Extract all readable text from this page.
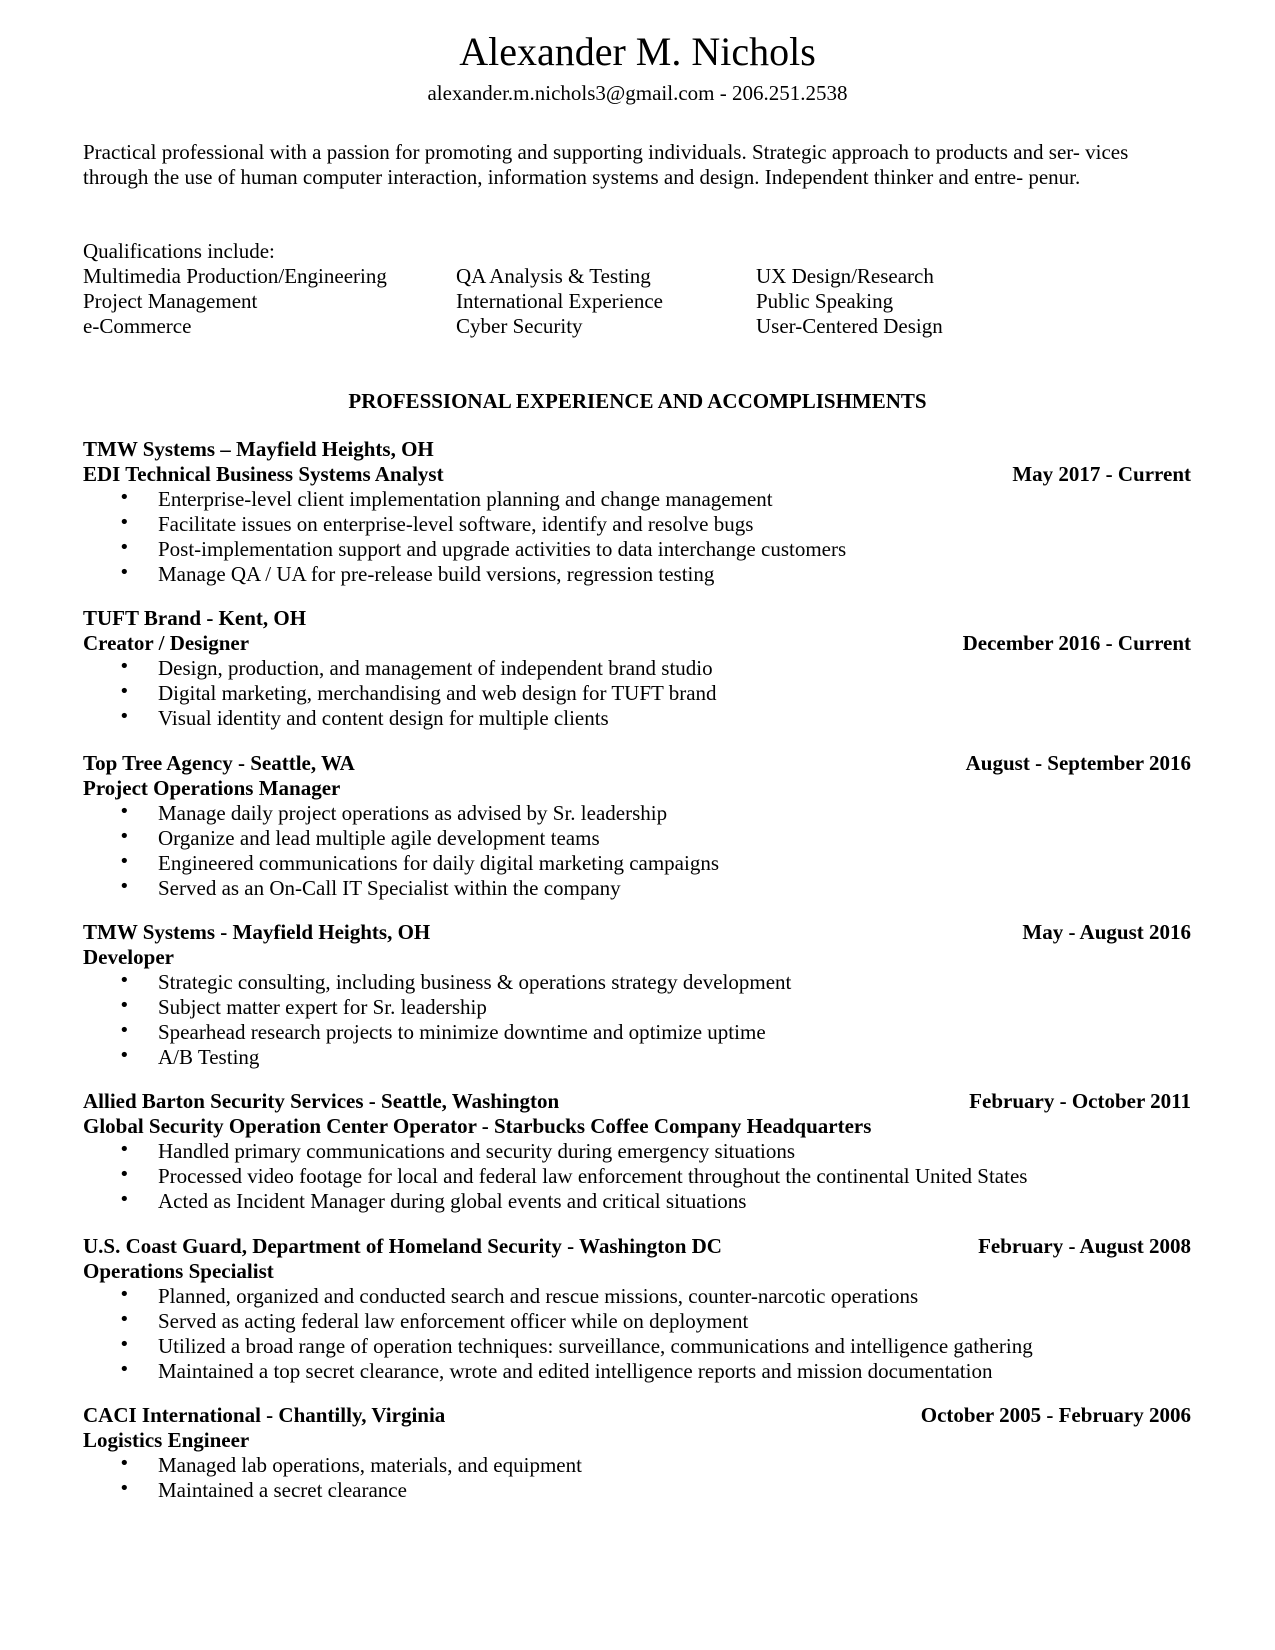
Alexander M. Nichols
alexander.m.nichols3@gmail.com - 206.251.2538
Practical professional with a passion for promoting and supporting individuals. Strategic approach to products and ser- vices through the use of human computer interaction, information systems and design. Independent thinker and entre- penur.
Qualifications include:
Multimedia Production/Engineering	QA Analysis & Testing	UX Design/Research
Project Management	International Experience	Public Speaking
e-Commerce	Cyber Security	User-Centered Design
PROFESSIONAL EXPERIENCE AND ACCOMPLISHMENTS
TMW Systems – Mayfield Heights, OH
EDI Technical Business Systems Analyst	May 2017 - Current
• Enterprise-level client implementation planning and change management
• Facilitate issues on enterprise-level software, identify and resolve bugs
• Post-implementation support and upgrade activities to data interchange customers
• Manage QA / UA for pre-release build versions, regression testing
TUFT Brand - Kent, OH
Creator / Designer	December 2016 - Current
• Design, production, and management of independent brand studio
• Digital marketing, merchandising and web design for TUFT brand
• Visual identity and content design for multiple clients
Top Tree Agency - Seattle, WA	August - September 2016
Project Operations Manager
• Manage daily project operations as advised by Sr. leadership
• Organize and lead multiple agile development teams
• Engineered communications for daily digital marketing campaigns
• Served as an On-Call IT Specialist within the company
TMW Systems - Mayfield Heights, OH	May - August 2016
Developer
• Strategic consulting, including business & operations strategy development
• Subject matter expert for Sr. leadership
• Spearhead research projects to minimize downtime and optimize uptime
• A/B Testing
Allied Barton Security Services - Seattle, Washington	February - October 2011
Global Security Operation Center Operator - Starbucks Coffee Company Headquarters
• Handled primary communications and security during emergency situations
• Processed video footage for local and federal law enforcement throughout the continental United States
• Acted as Incident Manager during global events and critical situations
U.S. Coast Guard, Department of Homeland Security - Washington DC	February - August 2008
Operations Specialist
• Planned, organized and conducted search and rescue missions, counter-narcotic operations
• Served as acting federal law enforcement officer while on deployment
• Utilized a broad range of operation techniques: surveillance, communications and intelligence gathering
• Maintained a top secret clearance, wrote and edited intelligence reports and mission documentation
CACI International - Chantilly, Virginia	October 2005 - February 2006
Logistics Engineer
• Managed lab operations, materials, and equipment
• Maintained a secret clearance
